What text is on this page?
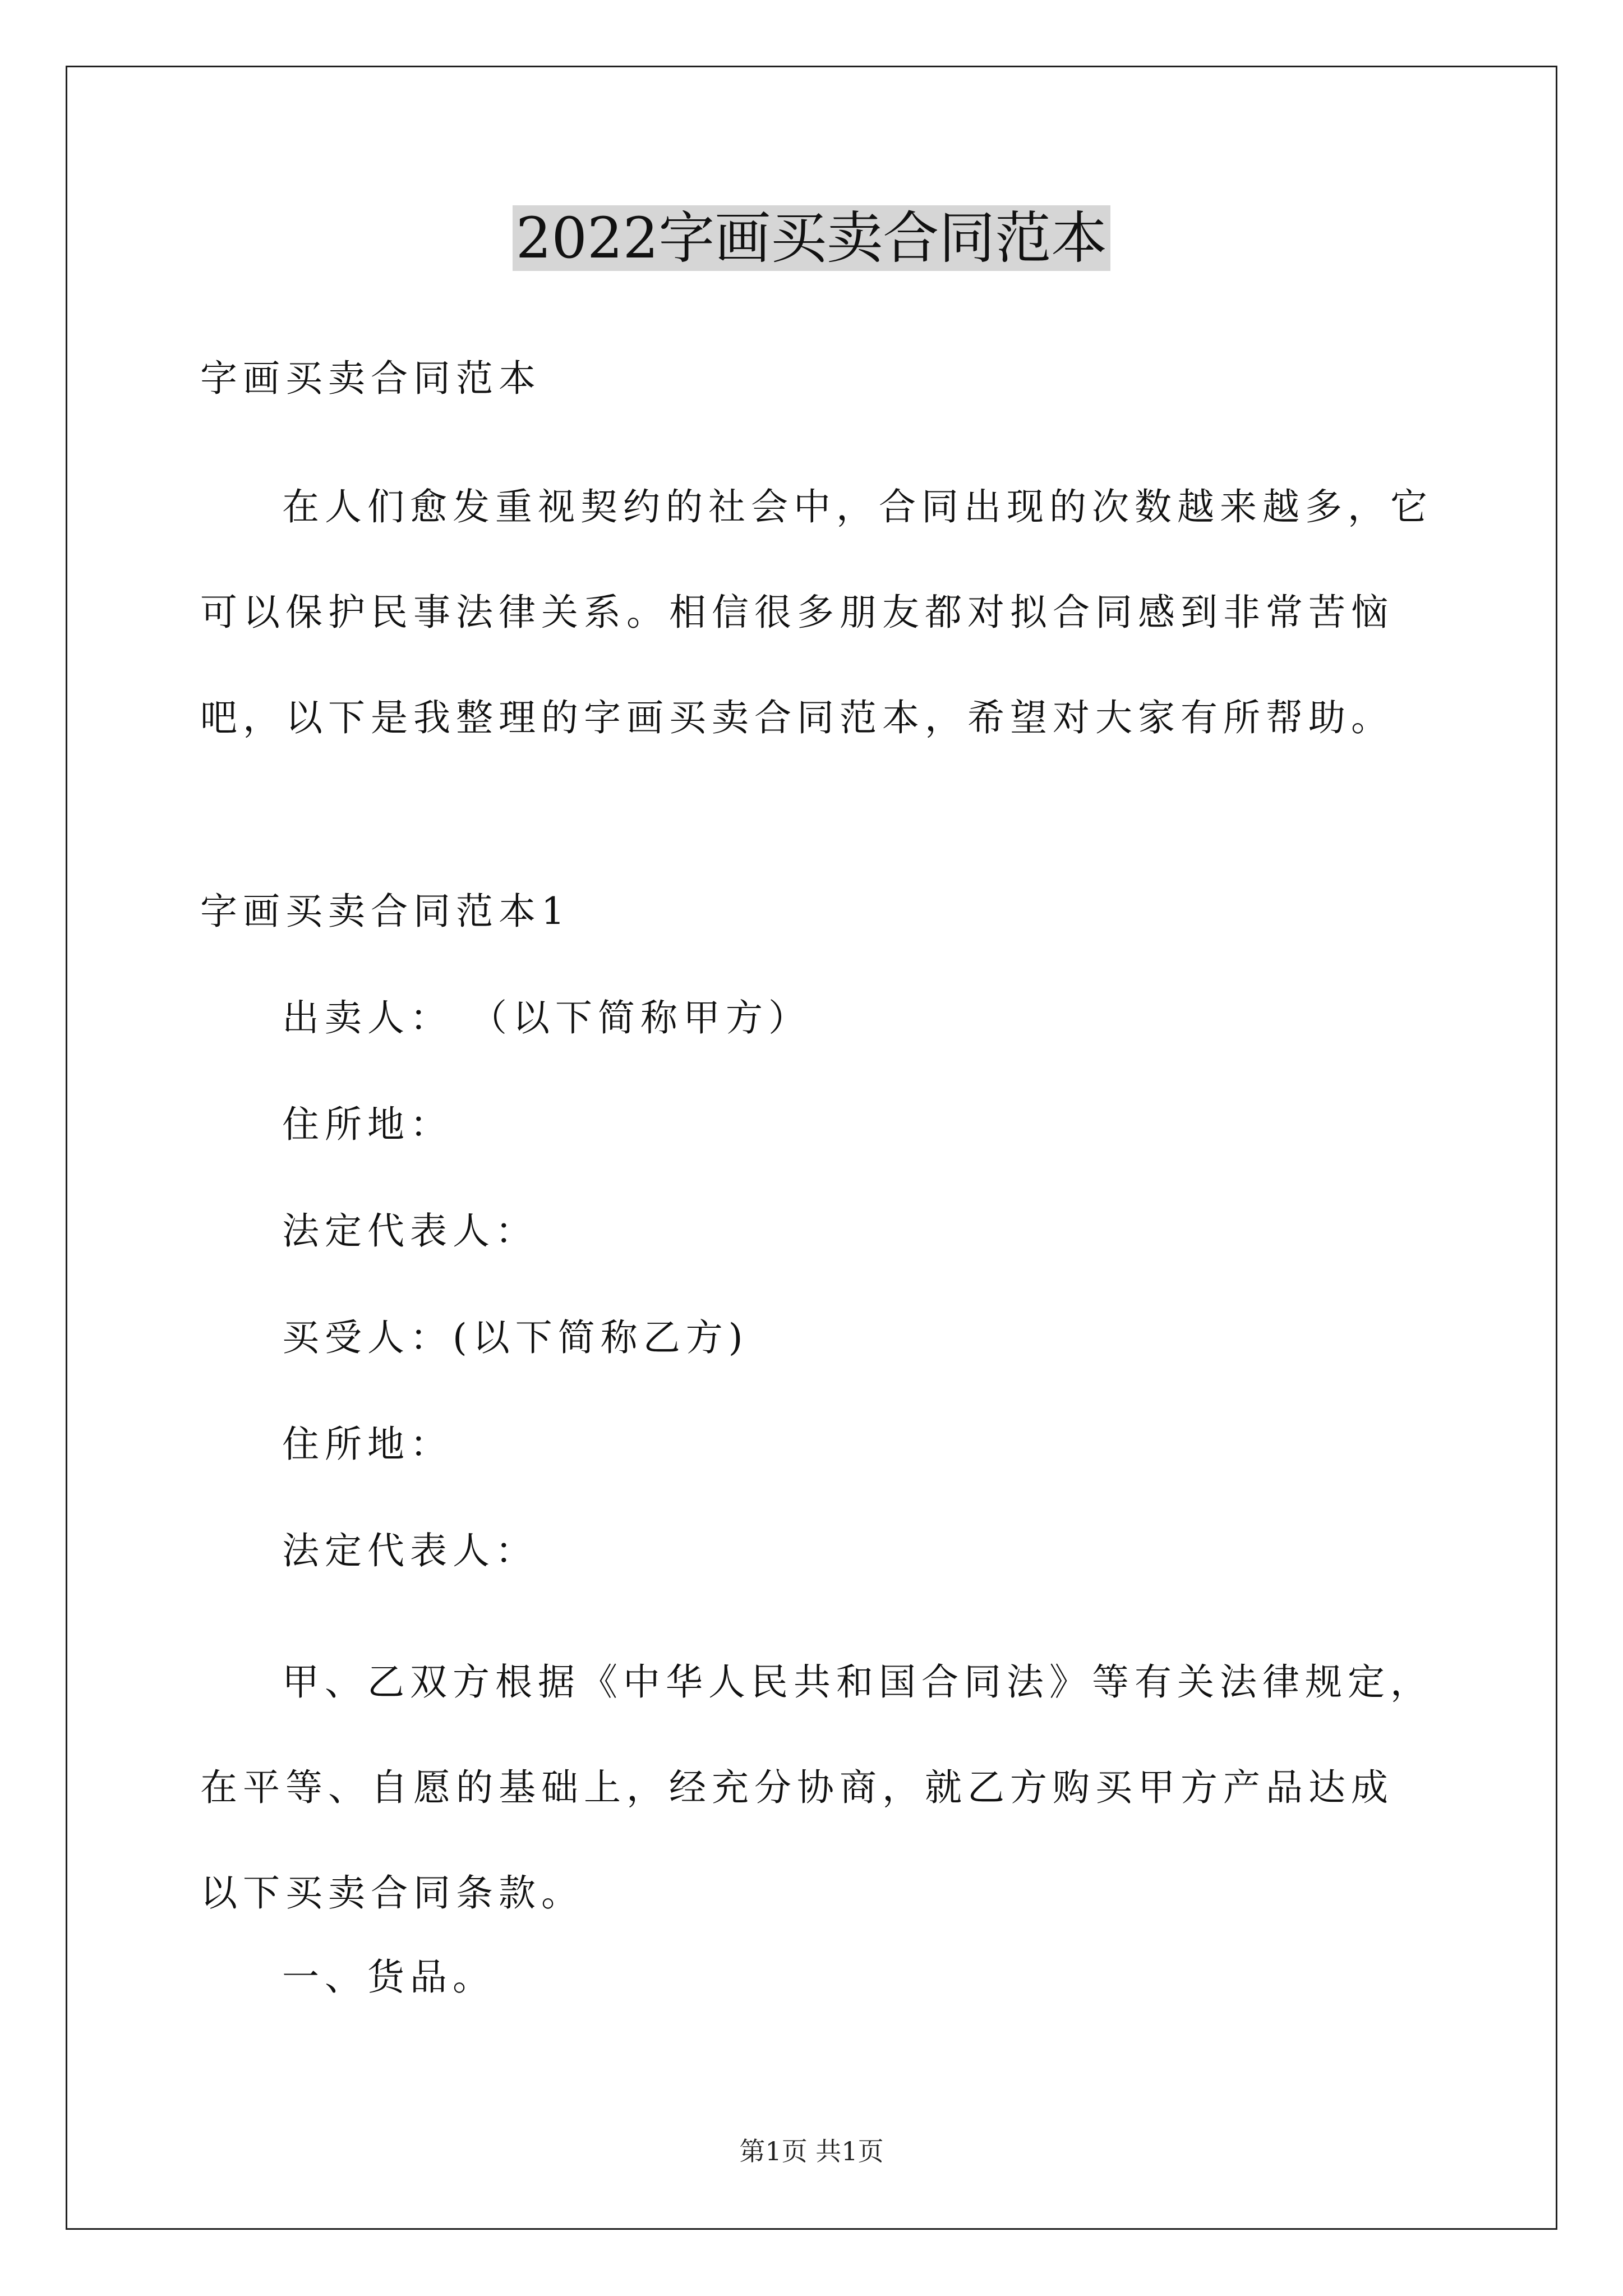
2022字画买卖合同范本

字画买卖合同范本

在人们愈发重视契约的社会中，合同出现的次数越来越多，它可以保护民事法律关系。相信很多朋友都对拟合同感到非常苦恼吧，以下是我整理的字画买卖合同范本，希望对大家有所帮助。

字画买卖合同范本1

出卖人： （以下简称甲方）

住所地：

法定代表人：

买受人：(以下简称乙方)

住所地：

法定代表人：

甲、乙双方根据《中华人民共和国合同法》等有关法律规定，在平等、自愿的基础上，经充分协商，就乙方购买甲方产品达成以下买卖合同条款。

一、货品。

第1页 共1页
